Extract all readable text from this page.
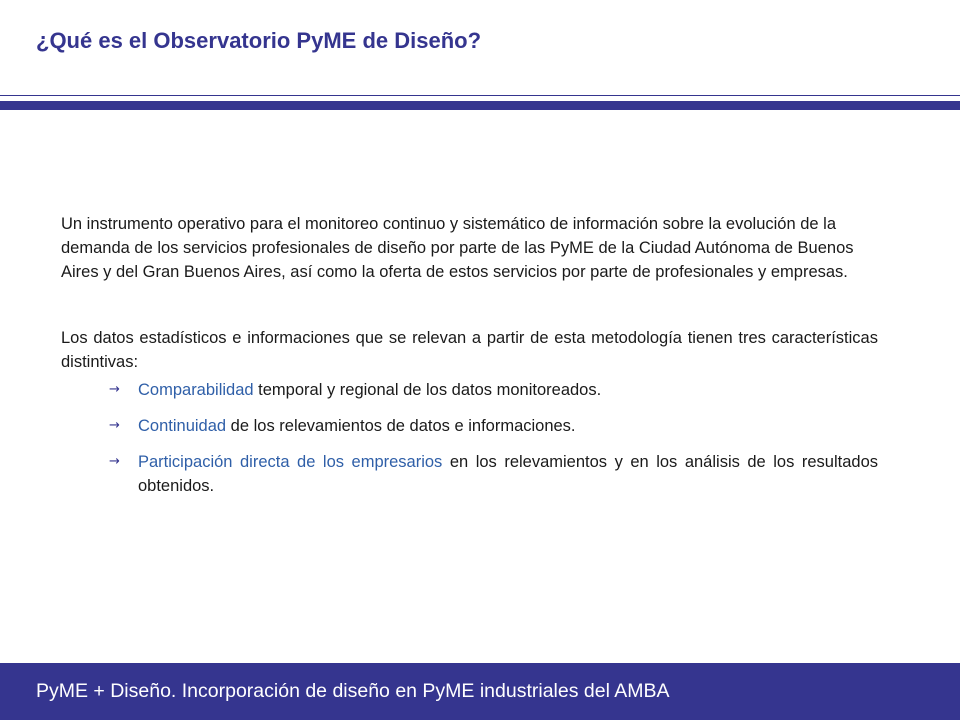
¿Qué es el Observatorio PyME de Diseño?

Un instrumento operativo para el monitoreo continuo y sistemático de información sobre la evolución de la demanda de los servicios profesionales de diseño por parte de las PyME de la Ciudad Autónoma de Buenos Aires y del Gran Buenos Aires, así como la oferta de estos servicios por parte de profesionales y empresas.

Los datos estadísticos e informaciones que se relevan a partir de esta metodología tienen tres características distintivas:

→ Comparabilidad temporal y regional de los datos monitoreados.
→ Continuidad de los relevamientos de datos e informaciones.
→ Participación directa de los empresarios en los relevamientos y en los análisis de los resultados obtenidos.
PyME + Diseño. Incorporación de diseño en PyME industriales del AMBA
